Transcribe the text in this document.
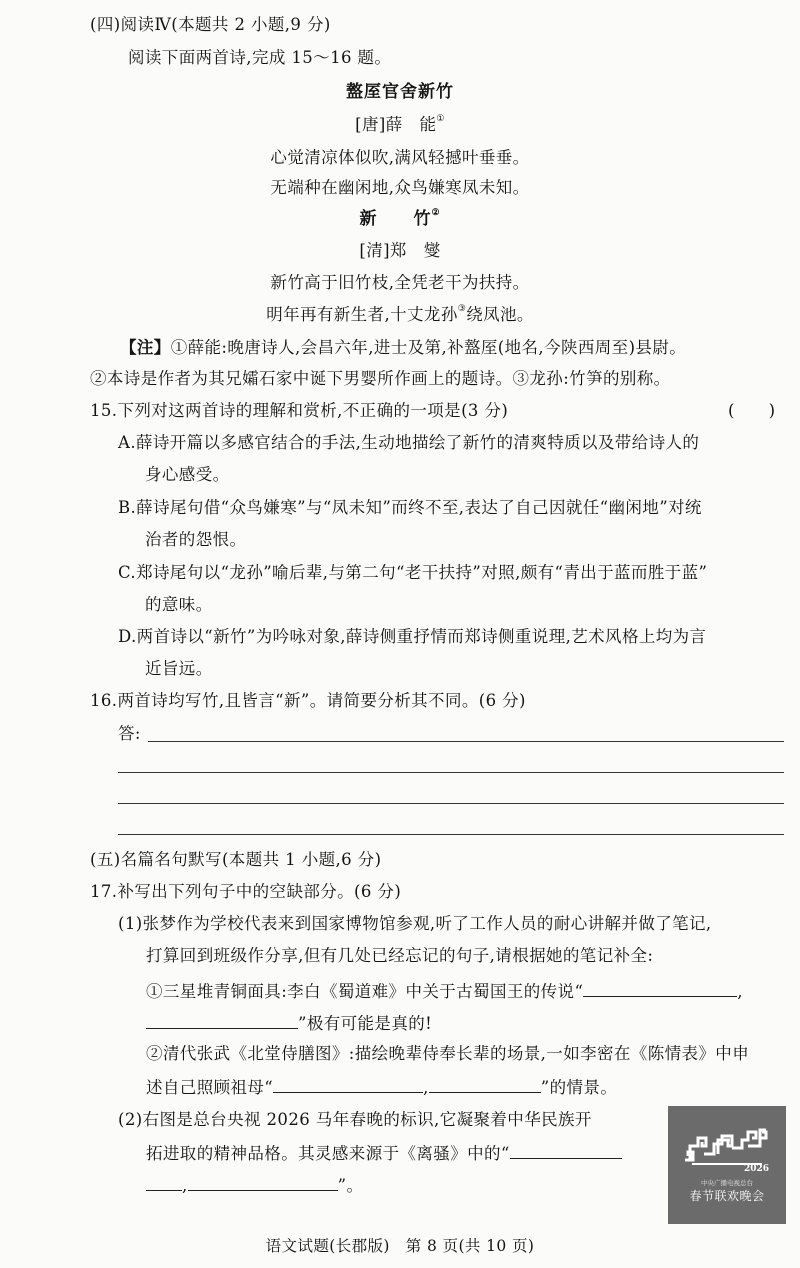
(四)阅读Ⅳ(本题共 2 小题,9 分)
阅读下面两首诗,完成 15～16 题。
盩厔官舍新竹
[唐]薛　能①
心觉清凉体似吹,满风轻撼叶垂垂。
无端种在幽闲地,众鸟嫌寒凤未知。
新　　竹②
[清]郑　燮
新竹高于旧竹枝,全凭老干为扶持。
明年再有新生者,十丈龙孙③绕凤池。
【注】①薛能:晚唐诗人,会昌六年,进士及第,补盩厔(地名,今陕西周至)县尉。
②本诗是作者为其兄孀石家中诞下男婴所作画上的题诗。③龙孙:竹笋的别称。
15.下列对这两首诗的理解和赏析,不正确的一项是(3 分)	(　　)
A.薛诗开篇以多感官结合的手法,生动地描绘了新竹的清爽特质以及带给诗人的
身心感受。
B.薛诗尾句借“众鸟嫌寒”与“凤未知”而终不至,表达了自己因就任“幽闲地”对统
治者的怨恨。
C.郑诗尾句以“龙孙”喻后辈,与第二句“老干扶持”对照,颇有“青出于蓝而胜于蓝”
的意味。
D.两首诗以“新竹”为吟咏对象,薛诗侧重抒情而郑诗侧重说理,艺术风格上均为言
近旨远。
16.两首诗均写竹,且皆言“新”。请简要分析其不同。(6 分)
答:
(五)名篇名句默写(本题共 1 小题,6 分)
17.补写出下列句子中的空缺部分。(6 分)
(1)张梦作为学校代表来到国家博物馆参观,听了工作人员的耐心讲解并做了笔记,
打算回到班级作分享,但有几处已经忘记的句子,请根据她的笔记补全:
①三星堆青铜面具:李白《蜀道难》中关于古蜀国王的传说“	,
”极有可能是真的!
②清代张武《北堂侍膳图》:描绘晚辈侍奉长辈的场景,一如李密在《陈情表》中申
述自己照顾祖母“	,	”的情景。
(2)右图是总台央视 2026 马年春晚的标识,它凝聚着中华民族开
拓进取的精神品格。其灵感来源于《离骚》中的“
,	”。
2026
中央广播电视总台
春节联欢晚会
语文试题(长郡版)　第 8 页(共 10 页)
